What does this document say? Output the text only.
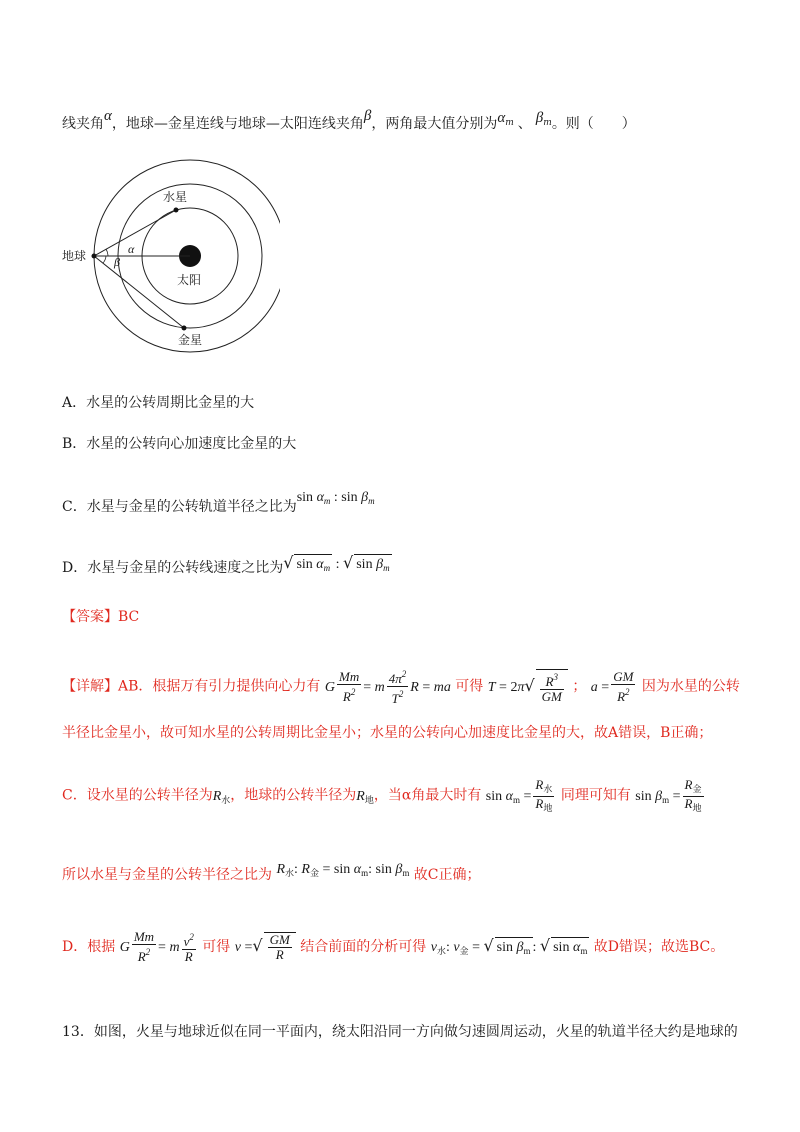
线夹角α，地球—金星连线与地球—太阳连线夹角β，两角最大值分别为$\alpha_m$ 、 $\beta_m$。则（　　）
地球
水星
太阳
金星
α
β
A．水星的公转周期比金星的大
B．水星的公转向心加速度比金星的大
C．水星与金星的公转轨道半径之比为$\sin \alpha_m$ : $\sin \beta_m$
D．水星与金星的公转线速度之比为√ $\sin \alpha_m$ : √ $\sin \beta_m$
【答案】BC
【详解】AB．根据万有引力提供向心力有 G $\frac{Mm}{R^2} = m \frac{4\pi^2}{T^2}$ R = ma 可得 $T = 2\pi√ \frac{R^3}{GM}$ ； $a = \frac{GM}{R^2}$ 因为水星的公转
半径比金星小，故可知水星的公转周期比金星小；水星的公转向心加速度比金星的大，故A错误，B正确；
C．设水星的公转半径为$R_水$，地球的公转半径为$R_地$，当α角最大时有 $\sin \alpha_m = \frac{R_水}{R_地}$ 同理可知有 $\sin \beta_m = \frac{R_金}{R_地}$
所以水星与金星的公转半径之比为 $R_水$: $R_金 = \sin \alpha_m$: $\sin \beta_m$ 故C正确；
D．根据 G $\frac{Mm}{R^2} = m \frac{v^2}{R}$ 可得 v =√ $\frac{GM}{R}$ 结合前面的分析可得 $v_水$: $v_金$ = √ $\sin \beta_m$ : √ $\sin \alpha_m$ 故D错误；故选BC。
13．如图，火星与地球近似在同一平面内，绕太阳沿同一方向做匀速圆周运动，火星的轨道半径大约是地球的
